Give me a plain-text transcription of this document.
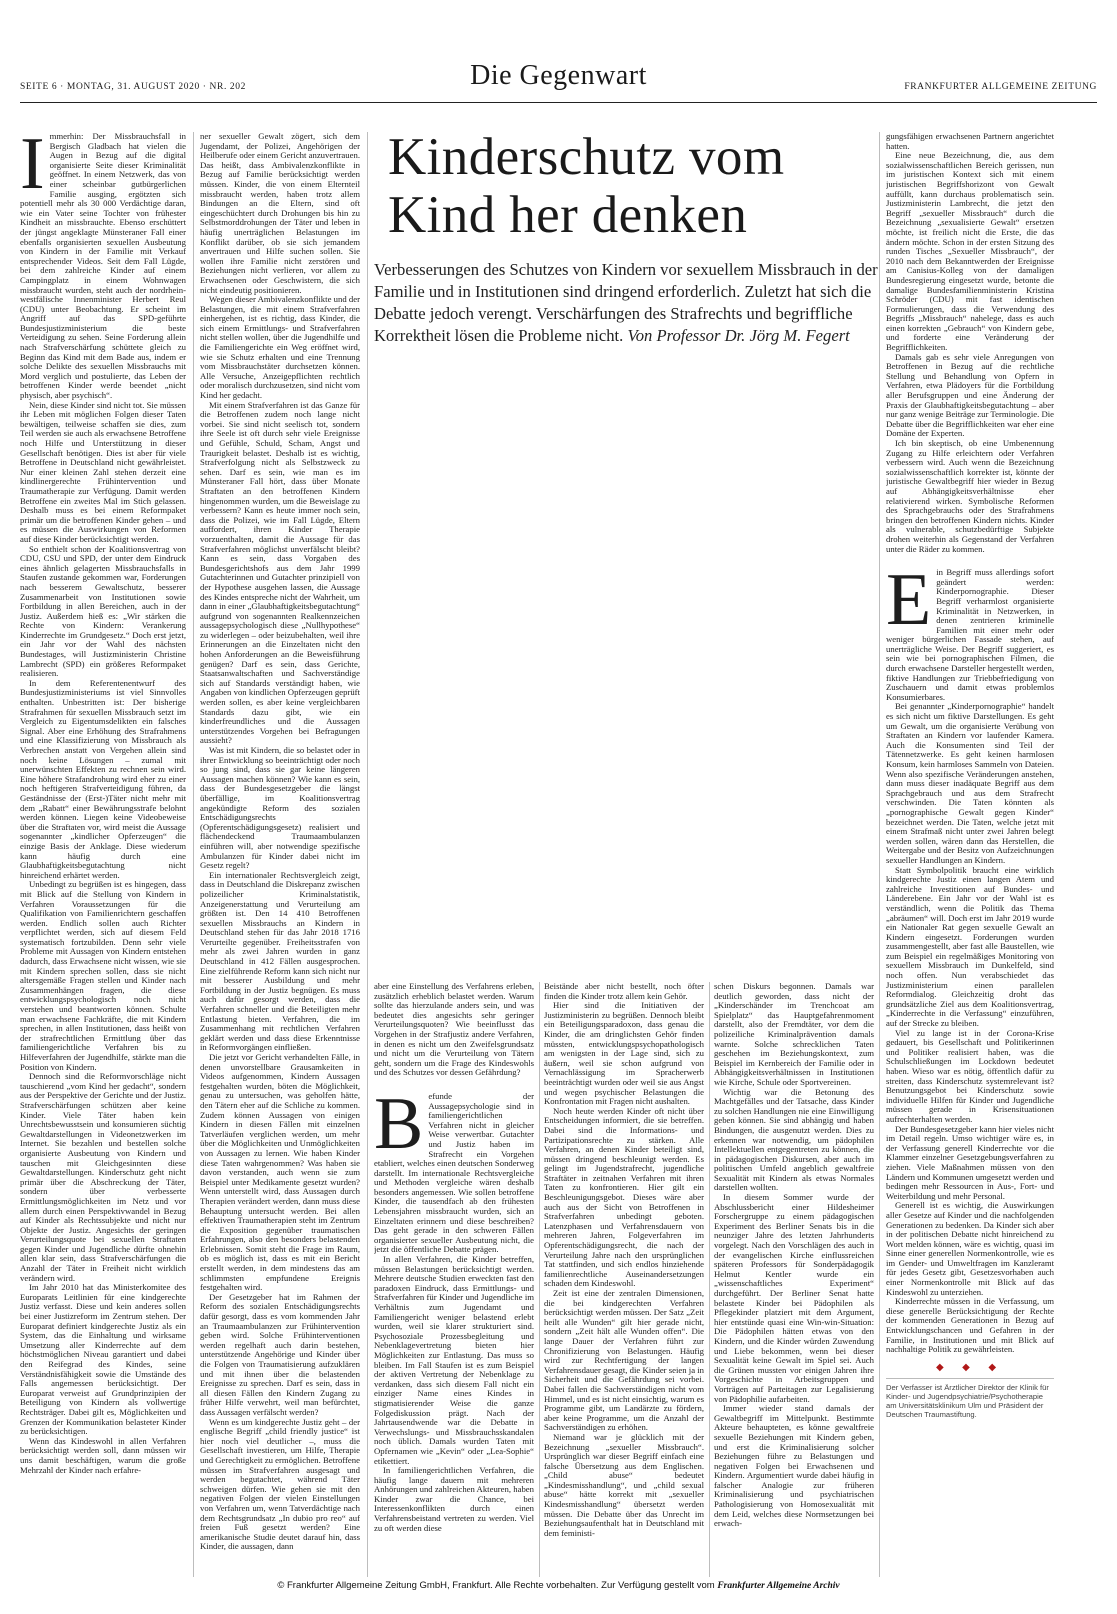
SEITE 6 · MONTAG, 31. AUGUST 2020 · NR. 202	Die Gegenwart	FRANKFURTER ALLGEMEINE ZEITUNG

Immerhin: Der Missbrauchsfall in Bergisch Gladbach hat vielen die Augen in Bezug auf die digital organisierte Seite dieser Kriminalität geöffnet. In einem Netzwerk, das von einer scheinbar gutbürgerlichen Familie ausging, ergötzten sich potentiell mehr als 30 000 Verdächtige daran, wie ein Vater seine Tochter von frühester Kindheit an missbrauchte. Ebenso erschüttert der jüngst angeklagte Münsteraner Fall einer ebenfalls organisierten sexuellen Ausbeutung von Kindern in der Familie mit Verkauf entsprechender Videos. Seit dem Fall Lügde, bei dem zahlreiche Kinder auf einem Campingplatz in einem Wohnwagen missbraucht wurden, steht auch der nordrhein-westfälische Innenminister Herbert Reul (CDU) unter Beobachtung. Er scheint im Angriff auf das SPD-geführte Bundesjustizministerium die beste Verteidigung zu sehen. Seine Forderung allein nach Strafverschärfung schüttete gleich zu Beginn das Kind mit dem Bade aus, indem er solche Delikte des sexuellen Missbrauchs mit Mord verglich und postulierte, das Leben der betroffenen Kinder werde beendet „nicht physisch, aber psychisch“.

Nein, diese Kinder sind nicht tot. Sie müssen ihr Leben mit möglichen Folgen dieser Taten bewältigen, teilweise schaffen sie dies, zum Teil werden sie auch als erwachsene Betroffene noch Hilfe und Unterstützung in dieser Gesellschaft benötigen. Dies ist aber für viele Betroffene in Deutschland nicht gewährleistet. Nur einer kleinen Zahl stehen derzeit eine kindlinergerechte Frühintervention und Traumatherapie zur Verfügung. Damit werden Betroffene ein zweites Mal im Stich gelassen. Deshalb muss es bei einem Reformpaket primär um die betroffenen Kinder gehen – und es müssen die Auswirkungen von Reformen auf diese Kinder berücksichtigt werden.

So enthielt schon der Koalitionsvertrag von CDU, CSU und SPD, der unter dem Eindruck eines ähnlich gelagerten Missbrauchsfalls in Staufen zustande gekommen war, Forderungen nach besserem Gewaltschutz, besserer Zusammenarbeit von Institutionen sowie Fortbildung in allen Bereichen, auch in der Justiz. Außerdem hieß es: „Wir stärken die Rechte von Kindern: Verankerung Kinderrechte im Grundgesetz.“ Doch erst jetzt, ein Jahr vor der Wahl des nächsten Bundestages, will Justizministerin Christine Lambrecht (SPD) ein größeres Reformpaket realisieren.

In dem Referentenentwurf des Bundesjustizministeriums ist viel Sinnvolles enthalten. Unbestritten ist: Der bisherige Strafrahmen für sexuellen Missbrauch setzt im Vergleich zu Eigentumsdelikten ein falsches Signal. Aber eine Erhöhung des Strafrahmens und eine Klassifizierung von Missbrauch als Verbrechen anstatt von Vergehen allein sind noch keine Lösungen – zumal mit unerwünschten Effekten zu rechnen sein wird. Eine höhere Strafandrohung wird eher zu einer noch heftigeren Strafverteidigung führen, da Geständnisse der (Erst-)Täter nicht mehr mit dem „Rabatt“ einer Bewährungsstrafe belohnt werden können. Liegen keine Videobeweise über die Straftaten vor, wird meist die Aussage sogenannter „kindlicher Opferzeugen“ die einzige Basis der Anklage. Diese wiederum kann häufig durch eine Glaubhaftigkeitsbegutachtung nicht hinreichend erhärtet werden.

Unbedingt zu begrüßen ist es hingegen, dass mit Blick auf die Stellung von Kindern in Verfahren Voraussetzungen für die Qualifikation von Familienrichtern geschaffen werden. Endlich sollen auch Richter verpflichtet werden, sich auf diesem Feld systematisch fortzubilden. Denn sehr viele Probleme mit Aussagen von Kindern entstehen dadurch, dass Erwachsene nicht wissen, wie sie mit Kindern sprechen sollen, dass sie nicht altersgemäße Fragen stellen und Kinder nach Zusammenhängen fragen, die diese entwicklungspsychologisch noch nicht verstehen und beantworten können. Schulte man erwachsene Fachkräfte, die mit Kindern sprechen, in allen Institutionen, dass heißt von der strafrechtlichen Ermittlung über das familiengerichtliche Verfahren bis zu Hilfeverfahren der Jugendhilfe, stärkte man die Position von Kindern.

Dennoch sind die Reformvorschläge nicht tauschierend „vom Kind her gedacht“, sondern aus der Perspektive der Gerichte und der Justiz. Strafverschärfungen schützen aber keine Kinder. Viele Täter haben kein Unrechtsbewusstsein und konsumieren süchtig Gewaltdarstellungen in Videonetzwerken im Internet. Sie bezahlen und bestellen solche organisierte Ausbeutung von Kindern und tauschen mit Gleichgesinnten diese Gewaltdarstellungen. Kinderschutz geht nicht primär über die Abschreckung der Täter, sondern über verbesserte Ermittlungsmöglichkeiten im Netz und vor allem durch einen Perspektivwandel in Bezug auf Kinder als Rechtssubjekte und nicht nur Objekte der Justiz. Angesichts der geringen Verurteilungsquote bei sexuellen Straftaten gegen Kinder und Jugendliche dürfte ohnehin allen klar sein, dass Strafverschärfungen die Anzahl der Täter in Freiheit nicht wirklich verändern wird.

Im Jahr 2010 hat das Ministerkomitee des Europarats Leitlinien für eine kindgerechte Justiz verfasst. Diese und kein anderes sollen bei einer Justizreform im Zentrum stehen. Der Europarat definiert kindgerechte Justiz als ein System, das die Einhaltung und wirksame Umsetzung aller Kinderrechte auf dem höchstmöglichen Niveau garantiert und dabei den Reifegrad des Kindes, seine Verständnisfähigkeit sowie die Umstände des Falls angemessen berücksichtigt. Der Europarat verweist auf Grundprinzipien der Beteiligung von Kindern als vollwertige Rechtsträger. Dabei gilt es, Möglichkeiten und Grenzen der Kommunikation belasteter Kinder zu berücksichtigen.

Wenn das Kindeswohl in allen Verfahren berücksichtigt werden soll, dann müssen wir uns damit beschäftigen, warum die große Mehrzahl der Kinder nach erfahre-

ner sexueller Gewalt zögert, sich dem Jugendamt, der Polizei, Angehörigen der Heilberufe oder einem Gericht anzuvertrauen. Das heißt, dass Ambivalenzkonflikte in Bezug auf Familie berücksichtigt werden müssen. Kinder, die von einem Elternteil missbraucht werden, haben trotz allem Bindungen an die Eltern, sind oft eingeschüchtert durch Drohungen bis hin zu Selbstmorddrohungen der Täter und leben in häufig unerträglichen Belastungen im Konflikt darüber, ob sie sich jemandem anvertrauen und Hilfe suchen sollen. Sie wollen ihre Familie nicht zerstören und Beziehungen nicht verlieren, vor allem zu Erwachsenen oder Geschwistern, die sich nicht eindeutig positionieren.

Wegen dieser Ambivalenzkonflikte und der Belastungen, die mit einem Strafverfahren einhergehen, ist es richtig, dass Kinder, die sich einem Ermittlungs- und Strafverfahren nicht stellen wollen, über die Jugendhilfe und die Familiengerichte ein Weg eröffnet wird, wie sie Schutz erhalten und eine Trennung vom Missbrauchstäter durchsetzen können. Alle Versuche, Anzeigepflichten rechtlich oder moralisch durchzusetzen, sind nicht vom Kind her gedacht.

Mit einem Strafverfahren ist das Ganze für die Betroffenen zudem noch lange nicht vorbei. Sie sind nicht seelisch tot, sondern ihre Seele ist oft durch sehr viele Ereignisse und Gefühle, Schuld, Scham, Angst und Traurigkeit belastet. Deshalb ist es wichtig, Strafverfolgung nicht als Selbstzweck zu sehen. Darf es sein, wie man es im Münsteraner Fall hört, dass über Monate Straftaten an den betroffenen Kindern hingenommen wurden, um die Beweislage zu verbessern? Kann es heute immer noch sein, dass die Polizei, wie im Fall Lügde, Eltern auffordert, ihren Kinder Therapie vorzuenthalten, damit die Aussage für das Strafverfahren möglichst unverfälscht bleibt? Kann es sein, dass Vorgaben des Bundesgerichtshofs aus dem Jahr 1999 Gutachterinnen und Gutachter prinzipiell von der Hypothese ausgehen lassen, die Aussage des Kindes entspreche nicht der Wahrheit, um dann in einer „Glaubhaftigkeitsbegutachtung“ aufgrund von sogenannten Realkennzeichen aussagepsychologisch diese „Nullhypothese“ zu widerlegen – oder beizubehalten, weil ihre Erinnerungen an die Einzeltaten nicht den hohen Anforderungen an die Beweisführung genügen? Darf es sein, dass Gerichte, Staatsanwaltschaften und Sachverständige sich auf Standards verständigt haben, wie Angaben von kindlichen Opferzeugen geprüft werden sollen, es aber keine vergleichbaren Standards dazu gibt, wie ein kinderfreundliches und die Aussagen unterstützendes Vorgehen bei Befragungen aussieht?

Was ist mit Kindern, die so belastet oder in ihrer Entwicklung so beeinträchtigt oder noch so jung sind, dass sie gar keine längeren Aussagen machen können? Wie kann es sein, dass der Bundesgesetzgeber die längst überfällige, im Koalitionsvertrag angekündigte Reform des sozialen Entschädigungsrechts (Opferentschädigungsgesetz) realisiert und flächendeckend Traumaambulanzen einführen will, aber notwendige spezifische Ambulanzen für Kinder dabei nicht im Gesetz regelt?

Ein internationaler Rechtsvergleich zeigt, dass in Deutschland die Diskrepanz zwischen polizeilicher Kriminalstatistik, Anzeigenerstattung und Verurteilung am größten ist. Den 14 410 Betroffenen sexuellen Missbrauchs an Kindern in Deutschland stehen für das Jahr 2018 1716 Verurteilte gegenüber. Freiheitsstrafen von mehr als zwei Jahren wurden in ganz Deutschland in 412 Fällen ausgesprochen. Eine zielführende Reform kann sich nicht nur mit besserer Ausbildung und mehr Fortbildung in der Justiz begnügen. Es muss auch dafür gesorgt werden, dass die Verfahren schneller und die Beteiligten mehr Entlastung bieten. Verfahren, die im Zusammenhang mit rechtlichen Verfahren geklärt werden und dass diese Erkenntnisse in Reformvorgängen einfließen.

Die jetzt vor Gericht verhandelten Fälle, in denen unvorstellbare Grausamkeiten in Videos aufgenommen, Kindern Aussagen festgehalten wurden, böten die Möglichkeit, genau zu untersuchen, was geholfen hätte, den Tätern eher auf die Schliche zu kommen. Zudem können Aussagen von einigen Kindern in diesen Fällen mit einzelnen Tatverläufen verglichen werden, um mehr über die Möglichkeiten und Unmöglichkeiten von Aussagen zu lernen. Wie haben Kinder diese Taten wahrgenommen? Was haben sie davon verstanden, auch wenn sie zum Beispiel unter Medikamente gesetzt wurden? Wenn unterstellt wird, dass Aussagen durch Therapien verändert werden, dann muss diese Behauptung untersucht werden. Bei allen effektiven Traumatherapien steht im Zentrum die Exposition gegenüber traumatischen Erfahrungen, also den besonders belastenden Erlebnissen. Somit steht die Frage im Raum, ob es möglich ist, dass es mit ein Bericht erstellt werden, in dem mindestens das am schlimmsten empfundene Ereignis festgehalten wird.

Der Gesetzgeber hat im Rahmen der Reform des sozialen Entschädigungsrechts dafür gesorgt, dass es vom kommenden Jahr an Traumaambulanzen zur Frühintervention geben wird. Solche Frühinterventionen werden regelhaft auch darin bestehen, unterstützende Angehörige und Kinder über die Folgen von Traumatisierung aufzuklären und mit ihnen über die belastenden Ereignisse zu sprechen. Darf es sein, dass in all diesen Fällen den Kindern Zugang zu früher Hilfe verwehrt, weil man befürchtet, dass Aussagen verfälscht werden?

Wenn es um kindgerechte Justiz geht – der englische Begriff „child friendly justice“ ist hier noch viel deutlicher –, muss die Gesellschaft investieren, um Hilfe, Therapie und Gerechtigkeit zu ermöglichen. Betroffene müssen im Strafverfahren ausgesagt und werden begutachtet, während Täter schweigen dürfen. Wie gehen sie mit den negativen Folgen der vielen Einstellungen von Verfahren um, wenn Tatverdächtige nach dem Rechtsgrundsatz „In dubio pro reo“ auf freien Fuß gesetzt werden? Eine amerikanische Studie deutet darauf hin, dass Kinder, die aussagen, dann

Kinderschutz vom Kind her denken
Verbesserungen des Schutzes von Kindern vor sexuellem Missbrauch in der Familie und in Institutionen sind dringend erforderlich. Zuletzt hat sich die Debatte jedoch verengt. Verschärfungen des Strafrechts und begriffliche Korrektheit lösen die Probleme nicht. Von Professor Dr. Jörg M. Fegert

aber eine Einstellung des Verfahrens erleben, zusätzlich erheblich belastet werden. Warum sollte das hierzulande anders sein, und was bedeutet dies angesichts sehr geringer Verurteilungsquoten? Wie beeinflusst das Vorgehen in der Strafjustiz andere Verfahren, in denen es nicht um den Zweifelsgrundsatz und nicht um die Verurteilung von Tätern geht, sondern um die Frage des Kindeswohls und des Schutzes vor dessen Gefährdung?

Befunde der Aussagepsychologie sind in familiengerichtlichen Verfahren nicht in gleicher Weise verwertbar. Gutachter und Justiz haben im Strafrecht ein Vorgehen etabliert, welches einen deutschen Sonderweg darstellt. Im internationale Rechtsvergleiche und Methoden vergleiche wären deshalb besonders angemessen. Wie sollen betroffene Kinder, die tausendfach ab den frühesten Lebensjahren missbraucht wurden, sich an Einzeltaten erinnern und diese beschreiben? Das geht gerade in den schweren Fällen organisierter sexueller Ausbeutung nicht, die jetzt die öffentliche Debatte prägen.

In allen Verfahren, die Kinder betreffen, müssen Belastungen berücksichtigt werden. Mehrere deutsche Studien erweckten fast den paradoxen Eindruck, dass Ermittlungs- und Strafverfahren für Kinder und Jugendliche im Verhältnis zum Jugendamt und Familiengericht weniger belastend erlebt wurden, weil sie klarer strukturiert sind. Psychosoziale Prozessbegleitung und Nebenklagevertretung bieten hier Möglichkeiten zur Entlastung. Das muss so bleiben. Im Fall Staufen ist es zum Beispiel der aktiven Vertretung der Nebenklage zu verdanken, dass sich diesem Fall nicht ein einziger Name eines Kindes in stigmatisierender Weise die ganze Folgediskussion prägt. Nach der Jahrtausendwende war die Debatte in Verwechslungs- und Missbrauchsskandalen noch üblich. Damals wurden Taten mit Opfernamen wie „Kevin“ oder „Lea-Sophie“ etikettiert.

In familiengerichtlichen Verfahren, die häufig lange dauern mit mehreren Anhörungen und zahlreichen Akteuren, haben Kinder zwar die Chance, bei Interessenkonflikten durch einen Verfahrensbeistand vertreten zu werden. Viel zu oft werden diese

Beistände aber nicht bestellt, noch öfter finden die Kinder trotz allem kein Gehör.

Hier sind die Initiativen der Justizministerin zu begrüßen. Dennoch bleibt ein Beteiligungsparadoxon, dass genau die Kinder, die am dringlichsten Gehör finden müssten, entwicklungspsychopathologisch am wenigsten in der Lage sind, sich zu äußern, weil sie schon aufgrund von Vernachlässigung im Spracherwerb beeinträchtigt wurden oder weil sie aus Angst und wegen psychischer Belastungen die Konfrontation mit Fragen nicht aushalten.

Noch heute werden Kinder oft nicht über Entscheidungen informiert, die sie betreffen. Dabei sind die Informations- und Partizipationsrechte zu stärken. Alle Verfahren, an denen Kinder beteiligt sind, müssen dringend beschleunigt werden. Es gelingt im Jugendstrafrecht, jugendliche Straftäter in zeitnahen Verfahren mit ihren Taten zu konfrontieren. Hier gilt ein Beschleunigungsgebot. Dieses wäre aber auch aus der Sicht von Betroffenen in Strafverfahren unbedingt geboten. Latenzphasen und Verfahrensdauern von mehreren Jahren, Folgeverfahren im Opferentschädigungsrecht, die nach der Verurteilung Jahre nach den ursprünglichen Tat stattfinden, und sich endlos hinziehende familienrechtliche Auseinandersetzungen schaden dem Kindeswohl.

Zeit ist eine der zentralen Dimensionen, die bei kindgerechten Verfahren berücksichtigt werden müssen. Der Satz „Zeit heilt alle Wunden“ gilt hier gerade nicht, sondern „Zeit hält alle Wunden offen“. Die lange Dauer der Verfahren führt zur Chronifizierung von Belastungen. Häufig wird zur Rechtfertigung der langen Verfahrensdauer gesagt, die Kinder seien ja in Sicherheit und die Gefährdung sei vorbei. Dabei fallen die Sachverständigen nicht vom Himmel, und es ist nicht einsichtig, warum es Programme gibt, um Landärzte zu fördern, aber keine Programme, um die Anzahl der Sachverständigen zu erhöhen.

Niemand war je glücklich mit der Bezeichnung „sexueller Missbrauch“. Ursprünglich war dieser Begriff einfach eine falsche Übersetzung aus dem Englischen. „Child abuse“ bedeutet „Kindesmisshandlung“, und „child sexual abuse“ hätte korrekt mit „sexueller Kindesmisshandlung“ übersetzt werden müssen. Die Debatte über das Unrecht im Beziehungsaufenthalt hat in Deutschland mit dem feministi-

schen Diskurs begonnen. Damals war deutlich geworden, dass nicht der „Kinderschänder im Trenchcoat am Spielplatz“ das Hauptgefahrenmoment darstellt, also der Fremdtäter, vor dem die polizeiliche Kriminalprävention damals warnte. Solche schrecklichen Taten geschehen im Beziehungskontext, zum Beispiel im Kernbereich der Familie oder in Abhängigkeitsverhältnissen in Institutionen wie Kirche, Schule oder Sportvereinen.

Wichtig war die Betonung des Machtgefälles und der Tatsache, dass Kinder zu solchen Handlungen nie eine Einwilligung geben können. Sie sind abhängig und haben Bindungen, die ausgenutzt werden. Dies zu erkennen war notwendig, um pädophilen Intellektuellen entgegentreten zu können, die in pädagogischen Diskursen, aber auch im politischen Umfeld angeblich gewaltfreie Sexualität mit Kindern als etwas Normales darstellen wollten.

In diesem Sommer wurde der Abschlussbericht einer Hildesheimer Forschergruppe zu einem pädagogischen Experiment des Berliner Senats bis in die neunziger Jahre des letzten Jahrhunderts vorgelegt. Nach den Vorschlägen des auch in der evangelischen Kirche einflussreichen späteren Professors für Sonderpädagogik Helmut Kentler wurde ein „wissenschaftliches Experiment“ durchgeführt. Der Berliner Senat hatte belastete Kinder bei Pädophilen als Pflegekinder platziert mit dem Argument, hier entstünde quasi eine Win-win-Situation: Die Pädophilen hätten etwas von den Kindern, und die Kinder würden Zuwendung und Liebe bekommen, wenn bei dieser Sexualität keine Gewalt im Spiel sei. Auch die Grünen mussten vor einigen Jahren ihre Vorgeschichte in Arbeitsgruppen und Vorträgen auf Parteitagen zur Legalisierung von Pädophilie aufarbeiten.

Immer wieder stand damals der Gewaltbegriff im Mittelpunkt. Bestimmte Akteure behaupteten, es könne gewaltfreie sexuelle Beziehungen mit Kindern geben, und erst die Kriminalisierung solcher Beziehungen führe zu Belastungen und negativen Folgen bei Erwachsenen und Kindern. Argumentiert wurde dabei häufig in falscher Analogie zur früheren Kriminalisierung und psychiatrischen Pathologisierung von Homosexualität mit dem Leid, welches diese Normsetzungen bei erwach-

gungsfähigen erwachsenen Partnern angerichtet hatten.

Eine neue Bezeichnung, die, aus dem sozialwissenschaftlichen Bereich gerissen, nun im juristischen Kontext sich mit einem juristischen Begriffshorizont von Gewalt auffüllt, kann durchaus problematisch sein. Justizministerin Lambrecht, die jetzt den Begriff „sexueller Missbrauch“ durch die Bezeichnung „sexualisierte Gewalt“ ersetzen möchte, ist freilich nicht die Erste, die das ändern möchte. Schon in der ersten Sitzung des runden Tisches „Sexueller Missbrauch“, der 2010 nach dem Bekanntwerden der Ereignisse am Canisius-Kolleg von der damaligen Bundesregierung eingesetzt wurde, betonte die damalige Bundesfamilienministerin Kristina Schröder (CDU) mit fast identischen Formulierungen, dass die Verwendung des Begriffs „Missbrauch“ nahelege, dass es auch einen korrekten „Gebrauch“ von Kindern gebe, und forderte eine Veränderung der Begrifflichkeiten.

Damals gab es sehr viele Anregungen von Betroffenen in Bezug auf die rechtliche Stellung und Behandlung von Opfern in Verfahren, etwa Plädoyers für die Fortbildung aller Berufsgruppen und eine Änderung der Praxis der Glaubhaftigkeitsbegutachtung – aber nur ganz wenige Beiträge zur Terminologie. Die Debatte über die Begrifflichkeiten war eher eine Domäne der Experten.

Ich bin skeptisch, ob eine Umbenennung Zugang zu Hilfe erleichtern oder Verfahren verbessern wird. Auch wenn die Bezeichnung sozialwissenschaftlich korrekter ist, könnte der juristische Gewaltbegriff hier wieder in Bezug auf Abhängigkeitsverhältnisse eher relativierend wirken. Symbolische Reformen des Sprachgebrauchs oder des Strafrahmens bringen den betroffenen Kindern nichts. Kinder als vulnerable, schutzbedürftige Subjekte drohen weiterhin als Gegenstand der Verfahren unter die Räder zu kommen.

Ein Begriff muss allerdings sofort geändert werden: Kinderpornographie. Dieser Begriff verharmlost organisierte Kriminalität in Netzwerken, in denen zentrieren kriminelle Familien mit einer mehr oder weniger bürgerlichen Fassade stehen, auf unerträgliche Weise. Der Begriff suggeriert, es sein wie bei pornographischen Filmen, die durch erwachsene Darsteller hergestellt werden, fiktive Handlungen zur Triebbefriedigung von Zuschauern und damit etwas problemlos Konsumierbares.

Bei genannter „Kinderpornographie“ handelt es sich nicht um fiktive Darstellungen. Es geht um Gewalt, um die organisierte Verübung von Straftaten an Kindern vor laufender Kamera. Auch die Konsumenten sind Teil der Tätennetzwerke. Es geht keinen harmlosen Konsum, kein harmloses Sammeln von Dateien. Wenn also spezifische Veränderungen anstehen, dann muss dieser inadäquate Begriff aus dem Sprachgebrauch und aus dem Strafrecht verschwinden. Die Taten könnten als „pornographische Gewalt gegen Kinder“ bezeichnet werden. Die Taten, welche jetzt mit einem Strafmaß nicht unter zwei Jahren belegt werden sollen, wären dann das Herstellen, die Weitergabe und der Besitz von Aufzeichnungen sexueller Handlungen an Kindern.

Statt Symbolpolitik braucht eine wirklich kindgerechte Justiz einen langen Atem und zahlreiche Investitionen auf Bundes- und Länderebene. Ein Jahr vor der Wahl ist es verständlich, wenn die Politik das Thema „abräumen“ will. Doch erst im Jahr 2019 wurde ein Nationaler Rat gegen sexuelle Gewalt an Kindern eingesetzt. Forderungen wurden zusammengestellt, aber fast alle Baustellen, wie zum Beispiel ein regelmäßiges Monitoring von sexuellem Missbrauch im Dunkelfeld, sind noch offen. Nun verabschiedet das Justizministerium einen parallelen Reformdialog. Gleichzeitig droht das grundsätzliche Ziel aus dem Koalitionsvertrag, „Kinderrechte in die Verfassung“ einzuführen, auf der Strecke zu bleiben.

Viel zu lange ist in der Corona-Krise gedauert, bis Gesellschaft und Politikerinnen und Politiker realisiert haben, was die Schulschließungen im Lockdown bedeutet haben. Wieso war es nötig, öffentlich dafür zu streiten, dass Kinderschutz systemrelevant ist? Benutzungsgebot bei Kinderschutz sowie individuelle Hilfen für Kinder und Jugendliche müssen gerade in Krisensituationen aufrechterhalten werden.

Der Bundesgesetzgeber kann hier vieles nicht im Detail regeln. Umso wichtiger wäre es, in der Verfassung generell Kinderrechte vor die Klammer einzelner Gesetzgebungsverfahren zu ziehen. Viele Maßnahmen müssen von den Ländern und Kommunen umgesetzt werden und bedingen mehr Ressourcen in Aus-, Fort- und Weiterbildung und mehr Personal.

Generell ist es wichtig, die Auswirkungen aller Gesetze auf Kinder und die nachfolgenden Generationen zu bedenken. Da Kinder sich aber in der politischen Debatte nicht hinreichend zu Wort melden können, wäre es wichtig, quasi im Sinne einer generellen Normenkontrolle, wie es im Gender- und Umweltfragen im Kanzleramt für jedes Gesetz gibt, Gesetzesvorhaben auch einer Normenkontrolle mit Blick auf das Kindeswohl zu unterziehen.

Kinderrechte müssen in die Verfassung, um diese generelle Berücksichtigung der Rechte der kommenden Generationen in Bezug auf Entwicklungschancen und Gefahren in der Familie, in Institutionen und mit Blick auf nachhaltige Politik zu gewährleisten.

◆ ◆ ◆
Der Verfasser ist Ärztlicher Direktor der Klinik für Kinder- und Jugendpsychiatrie/Psychotherapie am Universitätsklinikum Ulm und Präsident der Deutschen Traumastiftung.
© Frankfurter Allgemeine Zeitung GmbH, Frankfurt. Alle Rechte vorbehalten. Zur Verfügung gestellt vom Frankfurter Allgemeine Archiv
